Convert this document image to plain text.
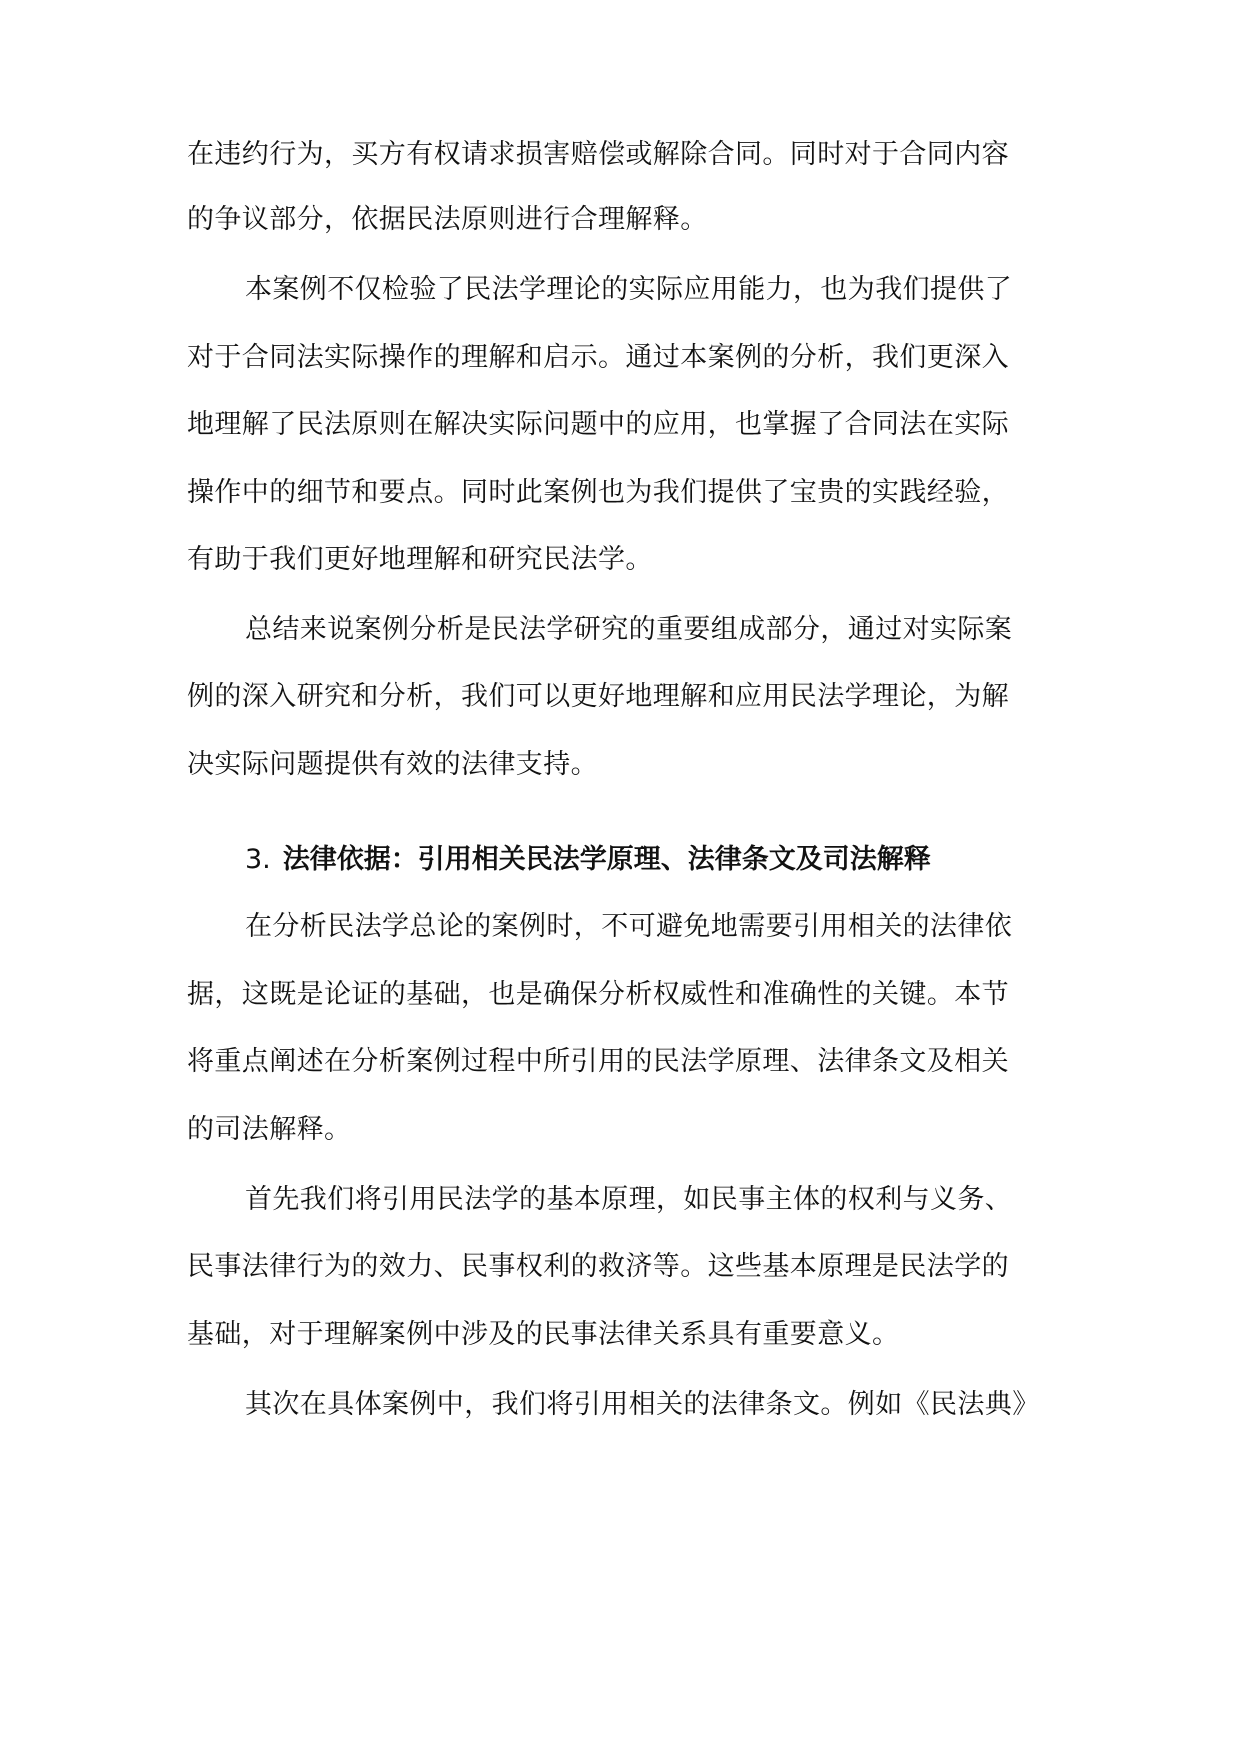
在违约行为，买方有权请求损害赔偿或解除合同。同时对于合同内容

的争议部分，依据民法原则进行合理解释。

本案例不仅检验了民法学理论的实际应用能力，也为我们提供了

对于合同法实际操作的理解和启示。通过本案例的分析，我们更深入

地理解了民法原则在解决实际问题中的应用，也掌握了合同法在实际

操作中的细节和要点。同时此案例也为我们提供了宝贵的实践经验，

有助于我们更好地理解和研究民法学。

总结来说案例分析是民法学研究的重要组成部分，通过对实际案

例的深入研究和分析，我们可以更好地理解和应用民法学理论，为解

决实际问题提供有效的法律支持。

3. 法律依据：引用相关民法学原理、法律条文及司法解释

在分析民法学总论的案例时，不可避免地需要引用相关的法律依

据，这既是论证的基础，也是确保分析权威性和准确性的关键。本节

将重点阐述在分析案例过程中所引用的民法学原理、法律条文及相关

的司法解释。

首先我们将引用民法学的基本原理，如民事主体的权利与义务、

民事法律行为的效力、民事权利的救济等。这些基本原理是民法学的

基础，对于理解案例中涉及的民事法律关系具有重要意义。

其次在具体案例中，我们将引用相关的法律条文。例如《民法典》
